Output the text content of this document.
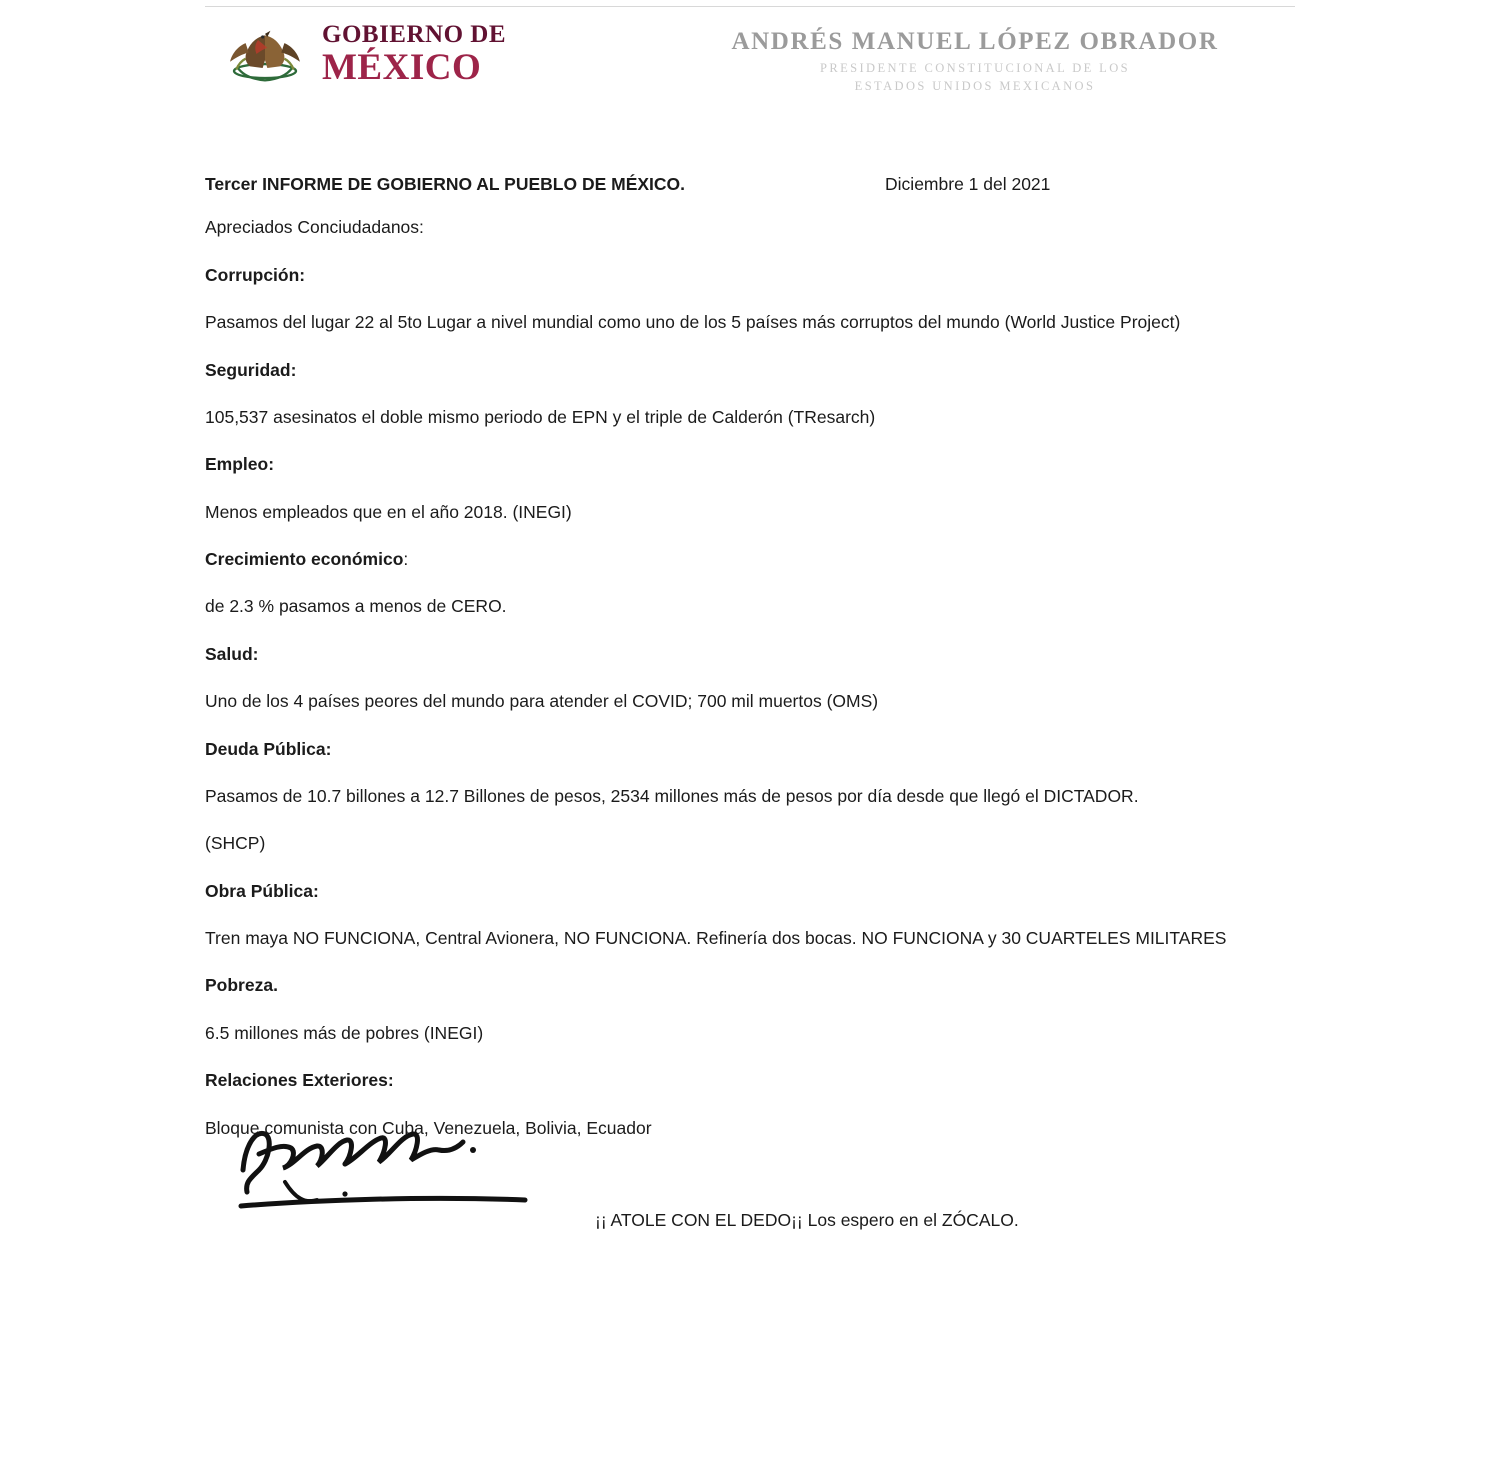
GOBIERNO DE
MÉXICO
ANDRÉS MANUEL LÓPEZ OBRADOR
PRESIDENTE CONSTITUCIONAL DE LOS
ESTADOS UNIDOS MEXICANOS
Tercer INFORME DE GOBIERNO AL PUEBLO DE MÉXICO.	Diciembre 1 del 2021

Apreciados Conciudadanos:

Corrupción:

Pasamos del lugar 22 al 5to Lugar a nivel mundial como uno de los 5 países más corruptos del mundo (World Justice Project)

Seguridad:

105,537 asesinatos el doble mismo periodo de EPN y el triple de Calderón (TResarch)

Empleo:

Menos empleados que en el año 2018. (INEGI)

Crecimiento económico:

de 2.3 % pasamos a menos de CERO.

Salud:

Uno de los 4 países peores del mundo para atender el COVID; 700 mil muertos (OMS)

Deuda Pública:

Pasamos de 10.7 billones a 12.7 Billones de pesos, 2534 millones más de pesos por día desde que llegó el DICTADOR.

(SHCP)

Obra Pública:

Tren maya NO FUNCIONA, Central Avionera, NO FUNCIONA. Refinería dos bocas. NO FUNCIONA y 30 CUARTELES MILITARES

Pobreza.

6.5 millones más de pobres (INEGI)

Relaciones Exteriores:

Bloque comunista con Cuba, Venezuela, Bolivia, Ecuador

¡¡ ATOLE CON EL DEDO¡¡ Los espero en el ZÓCALO.
